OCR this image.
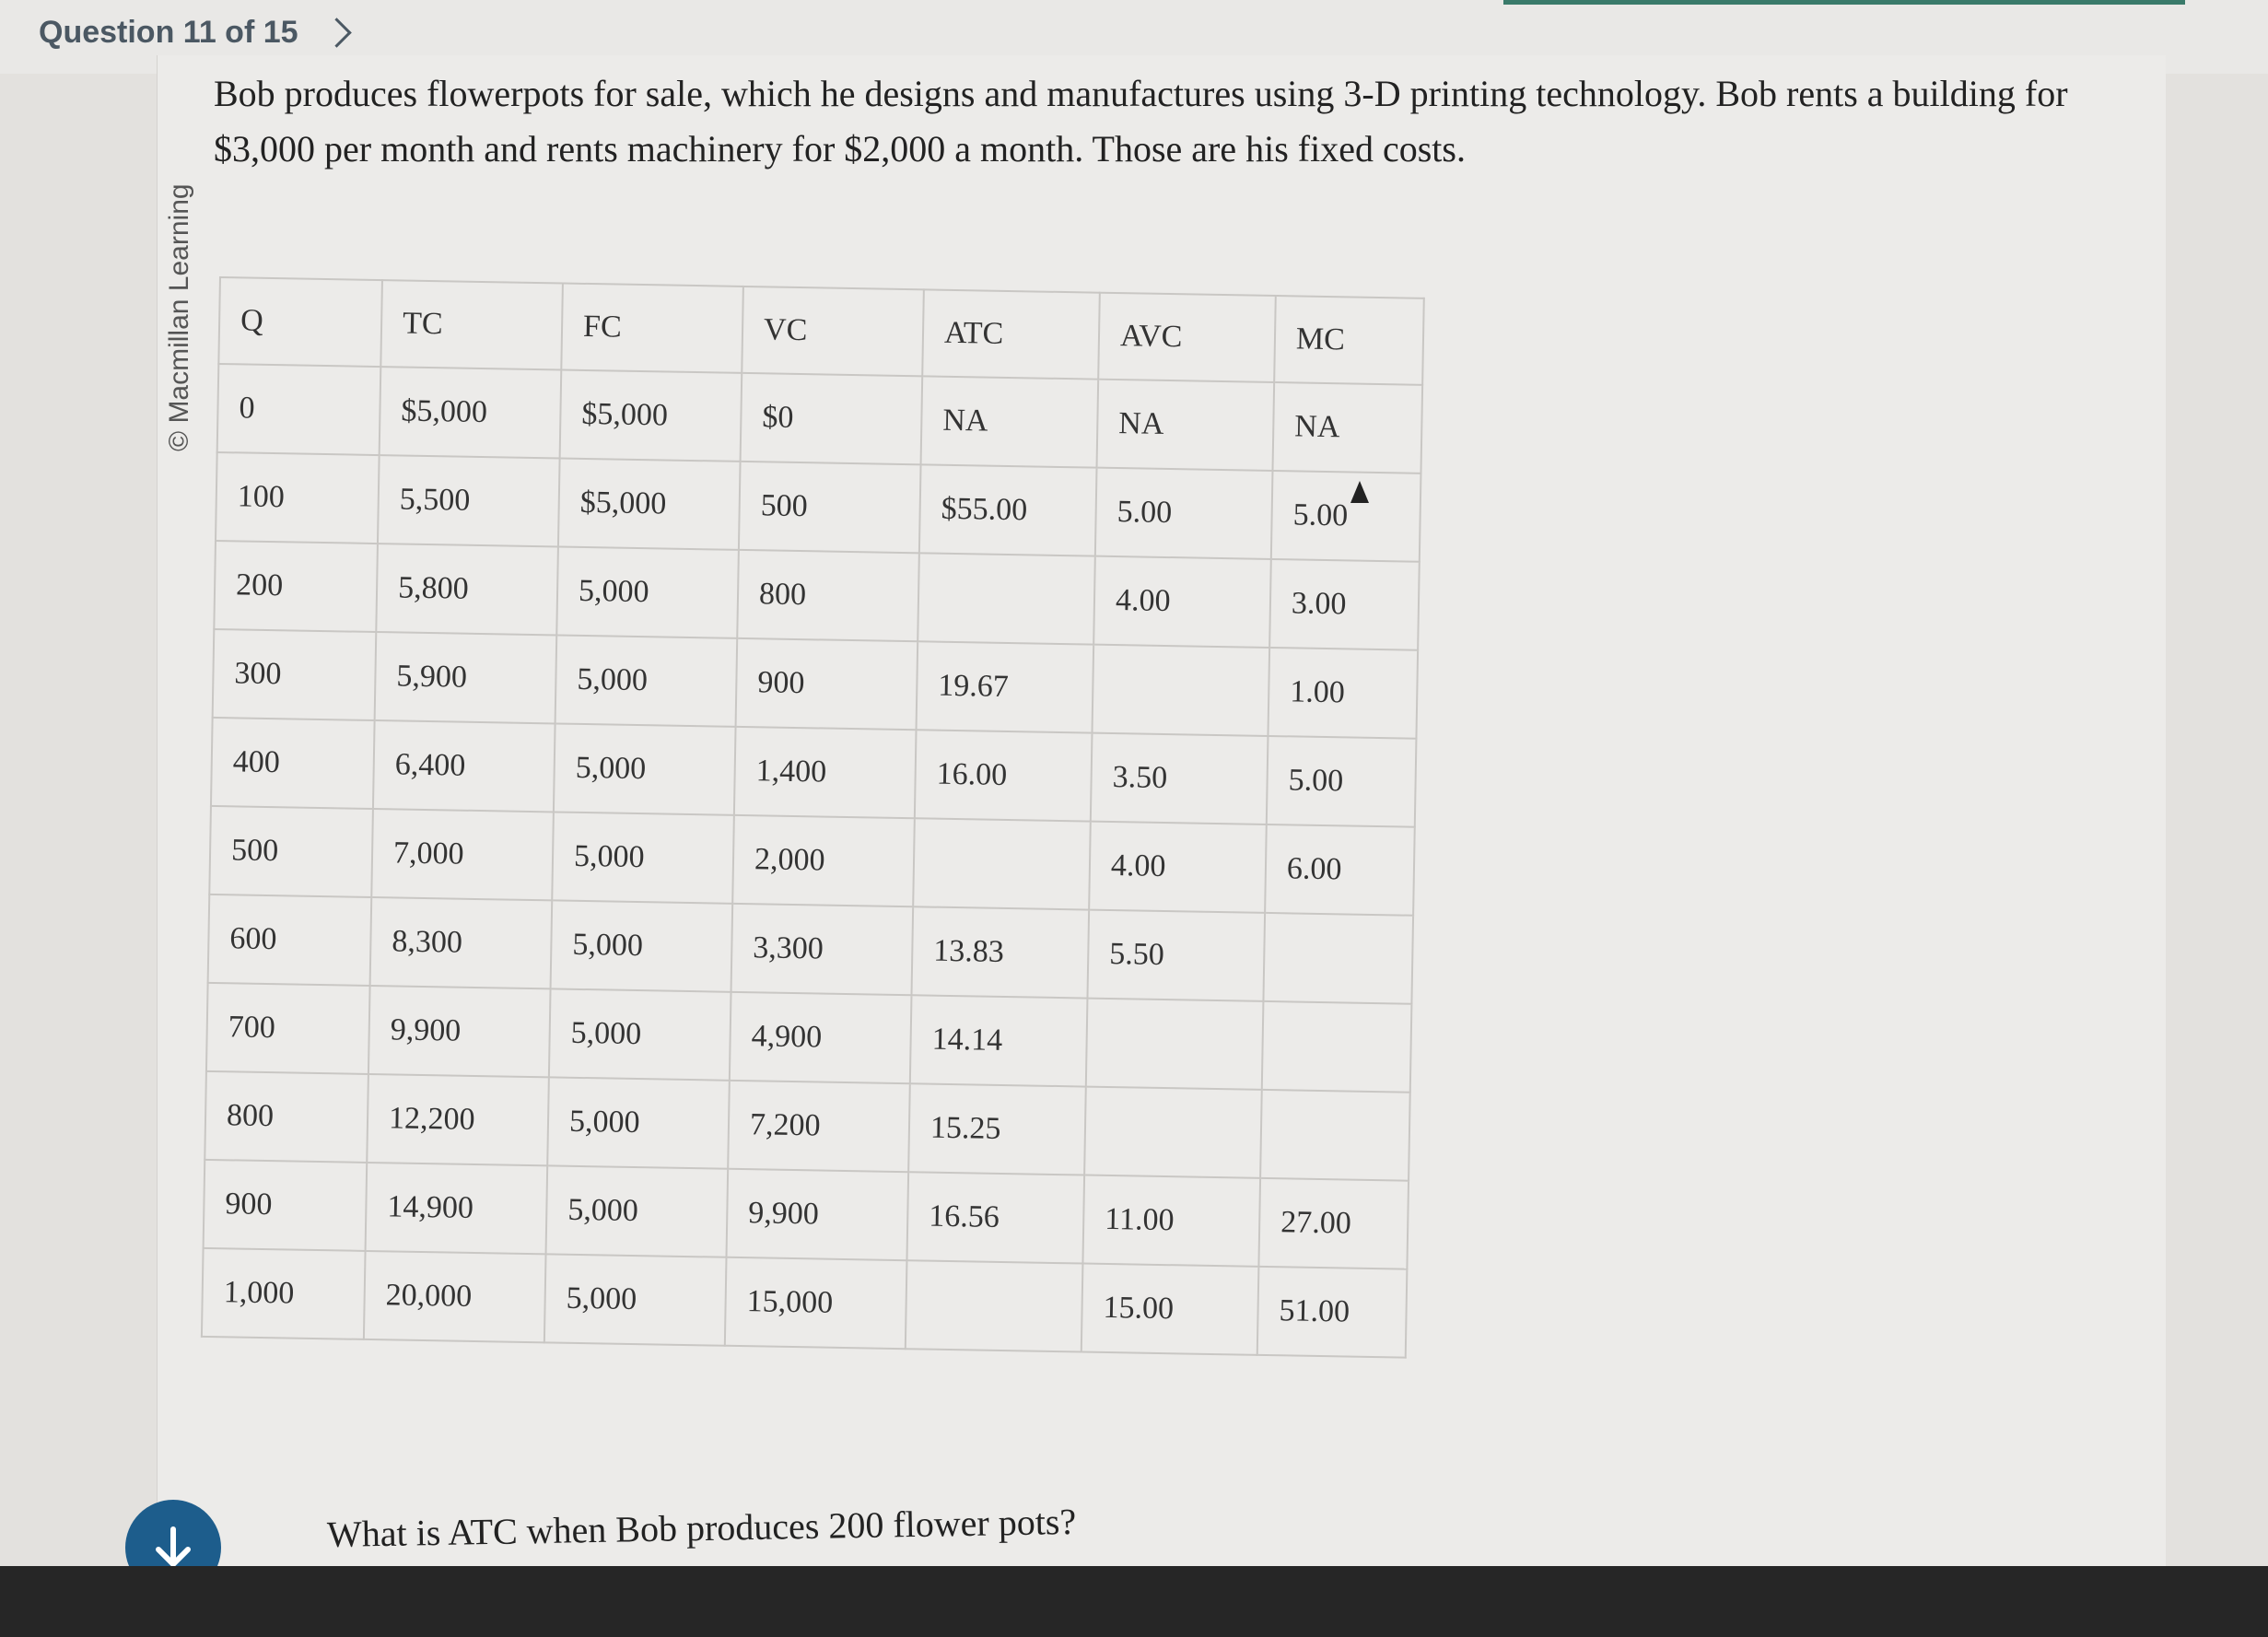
Question 11 of 15
© Macmillan Learning
Bob produces flowerpots for sale, which he designs and manufactures using 3-D printing technology. Bob rents a building for $3,000 per month and rents machinery for $2,000 a month. Those are his fixed costs.
Q	TC	FC	VC	ATC	AVC	MC
0	$5,000	$5,000	$0	NA	NA	NA
100	5,500	$5,000	500	$55.00	5.00	5.00
200	5,800	5,000	800		4.00	3.00
300	5,900	5,000	900	19.67		1.00
400	6,400	5,000	1,400	16.00	3.50	5.00
500	7,000	5,000	2,000		4.00	6.00
600	8,300	5,000	3,300	13.83	5.50	
700	9,900	5,000	4,900	14.14		
800	12,200	5,000	7,200	15.25		
900	14,900	5,000	9,900	16.56	11.00	27.00
1,000	20,000	5,000	15,000		15.00	51.00
What is ATC when Bob produces 200 flower pots?
